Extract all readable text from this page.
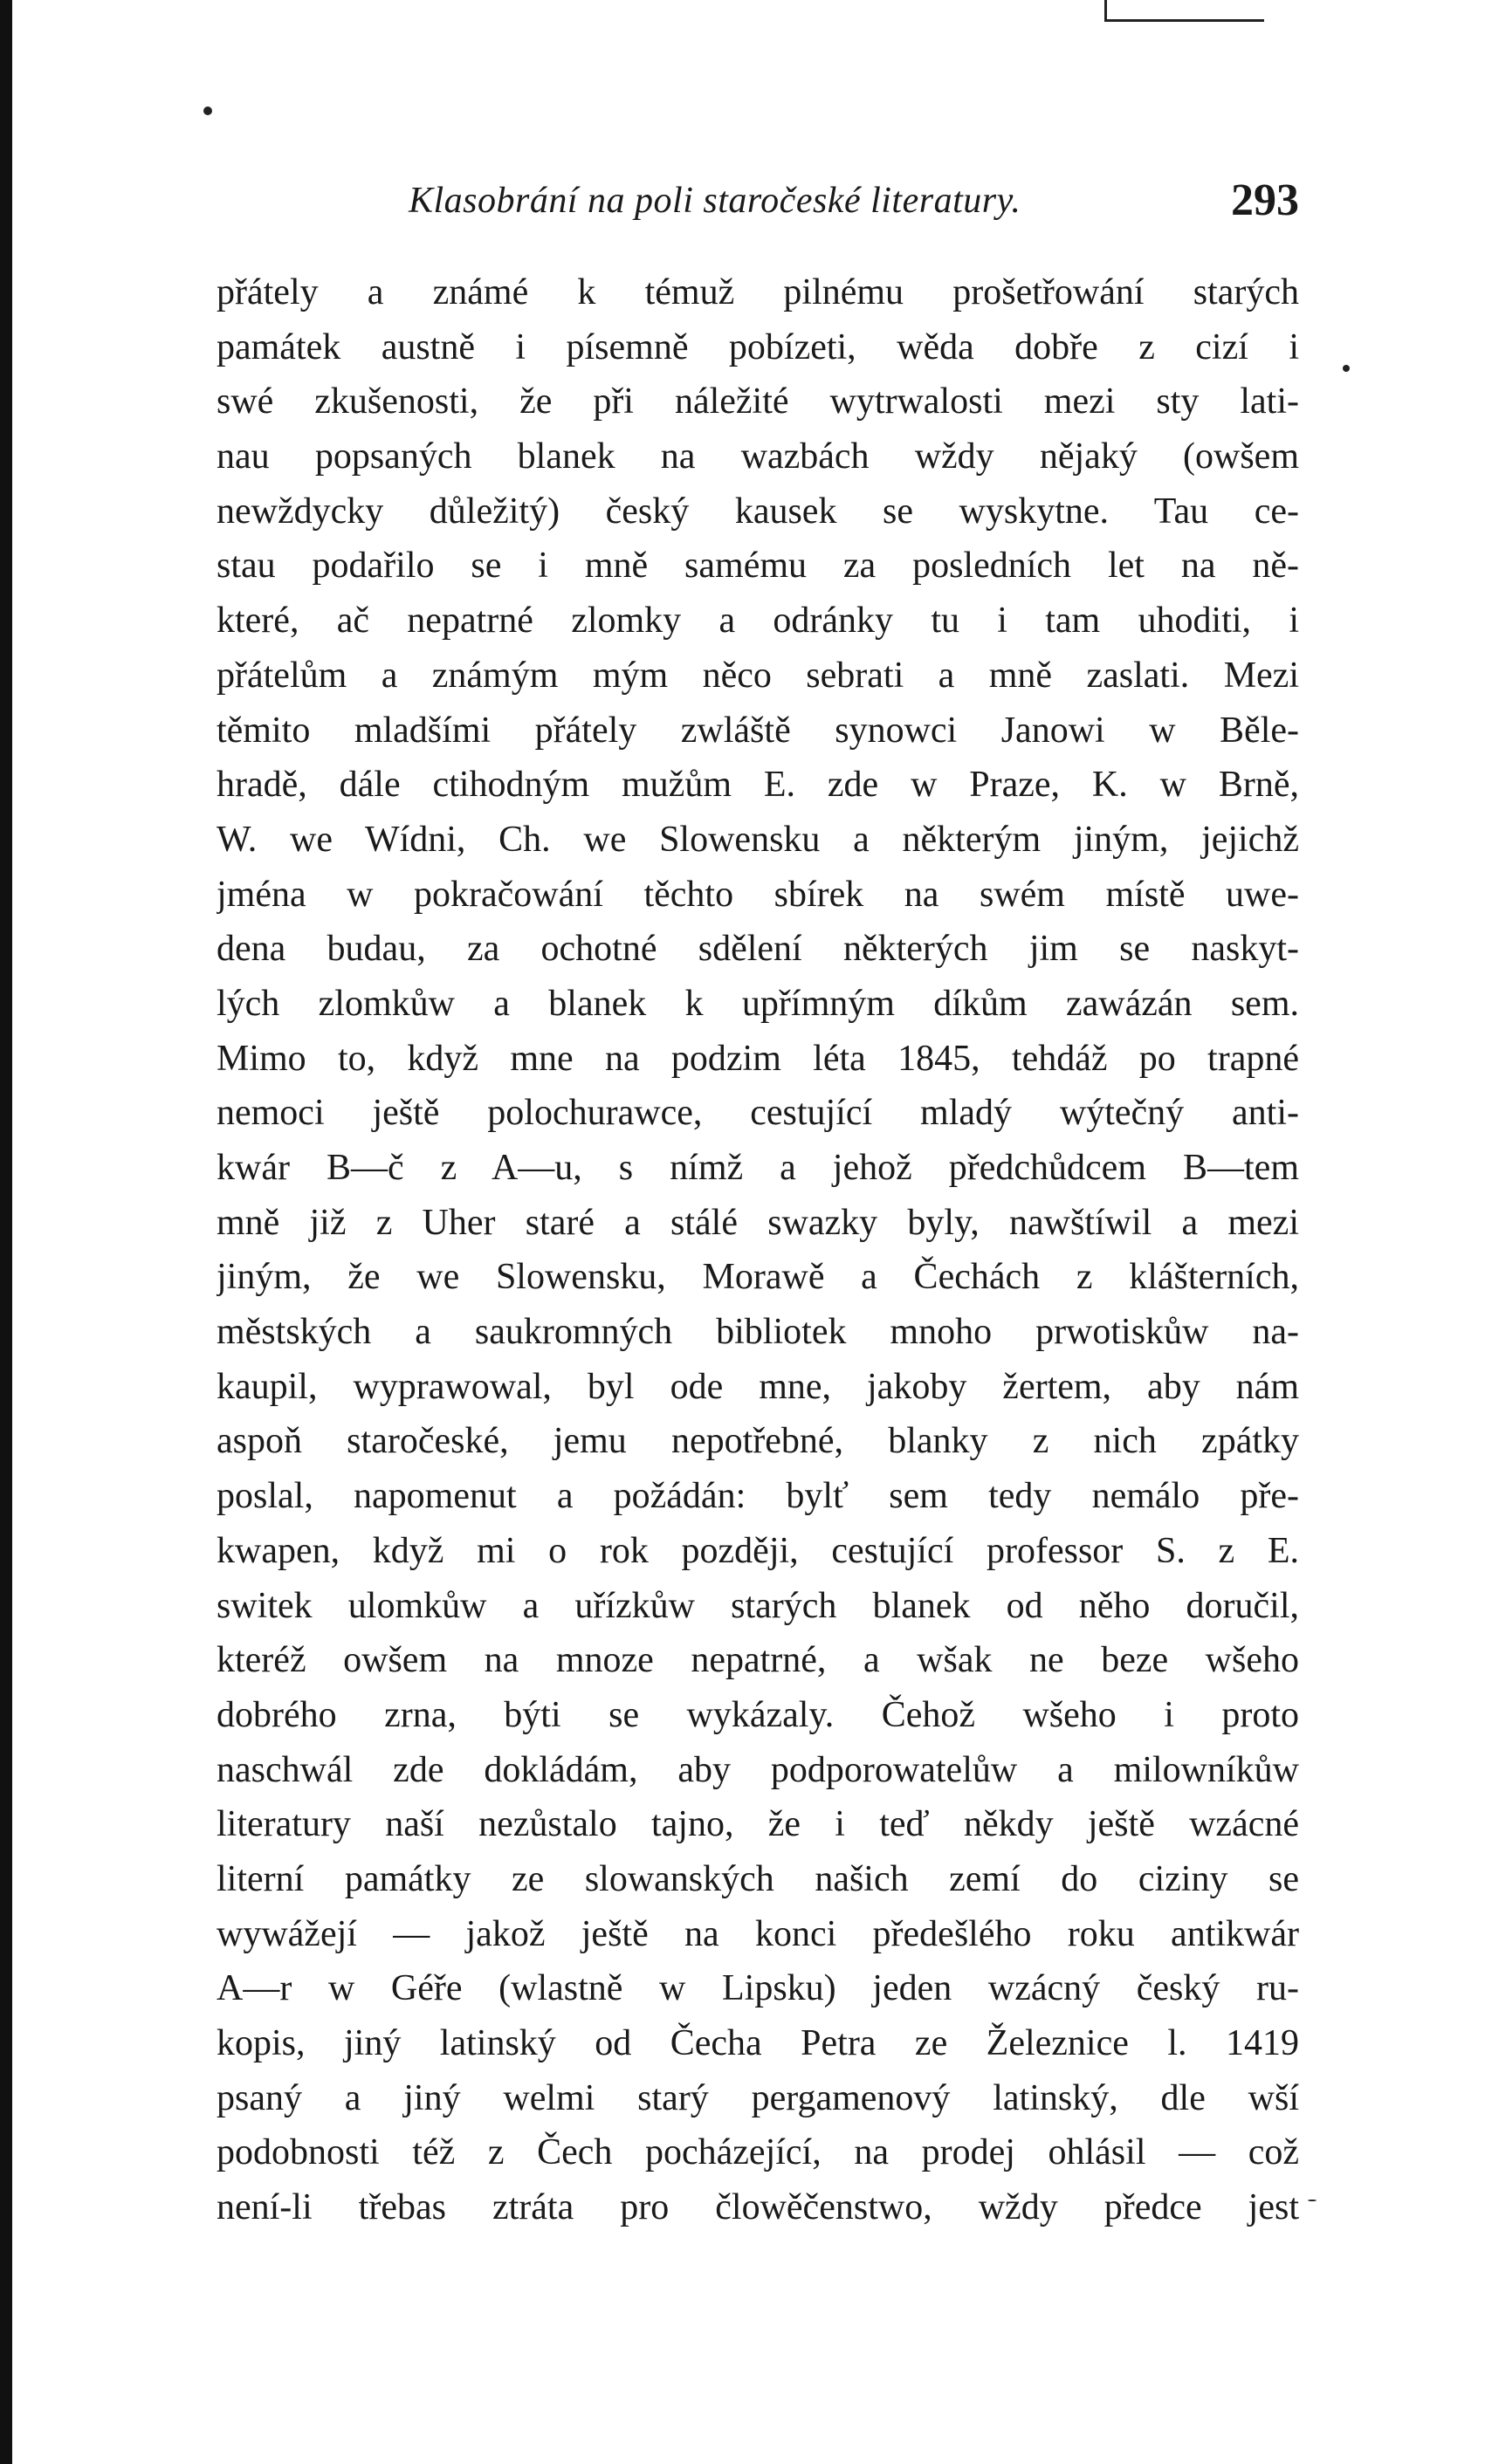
Klasobrání na poli staročeské literatury.	293
přátely a známé k témuž pilnému prošetřowání starých
památek austně i písemně pobízeti, wěda dobře z cizí i
swé zkušenosti, že při náležité wytrwalosti mezi sty lati-
nau popsaných blanek na wazbách wždy nějaký (owšem
newždycky důležitý) český kausek se wyskytne. Tau ce-
stau podařilo se i mně samému za posledních let na ně-
které, ač nepatrné zlomky a odránky tu i tam uhoditi, i
přátelům a známým mým něco sebrati a mně zaslati. Mezi
těmito mladšími přátely zwláště synowci Janowi w Běle-
hradě, dále ctihodným mužům E. zde w Praze, K. w Brně,
W. we Wídni, Ch. we Slowensku a některým jiným, jejichž
jména w pokračowání těchto sbírek na swém místě uwe-
dena budau, za ochotné sdělení některých jim se naskyt-
lých zlomkůw a blanek k upřímným díkům zawázán sem.
Mimo to, když mne na podzim léta 1845, tehdáž po trapné
nemoci ještě polochurawce, cestující mladý wýtečný anti-
kwár B—č z A—u, s nímž a jehož předchůdcem B—tem
mně již z Uher staré a stálé swazky byly, nawštíwil a mezi
jiným, že we Slowensku, Morawě a Čechách z klášterních,
městských a saukromných bibliotek mnoho prwotiskůw na-
kaupil, wyprawowal, byl ode mne, jakoby žertem, aby nám
aspoň staročeské, jemu nepotřebné, blanky z nich zpátky
poslal, napomenut a požádán: bylť sem tedy nemálo pře-
kwapen, když mi o rok později, cestující professor S. z E.
switek ulomkůw a uřízkůw starých blanek od něho doručil,
kteréž owšem na mnoze nepatrné, a wšak ne beze wšeho
dobrého zrna, býti se wykázaly. Čehož wšeho i proto
naschwál zde dokládám, aby podporowatelůw a milowníkůw
literatury naší nezůstalo tajno, že i teď někdy ještě wzácné
literní památky ze slowanských našich zemí do ciziny se
wywážejí — jakož ještě na konci předešlého roku antikwár
A—r w Géře (wlastně w Lipsku) jeden wzácný český ru-
kopis, jiný latinský od Čecha Petra ze Železnice l. 1419
psaný a jiný welmi starý pergamenový latinský, dle wší
podobnosti též z Čech pocházející, na prodej ohlásil — což
není-li třebas ztráta pro člowěčenstwo, wždy předce jest
